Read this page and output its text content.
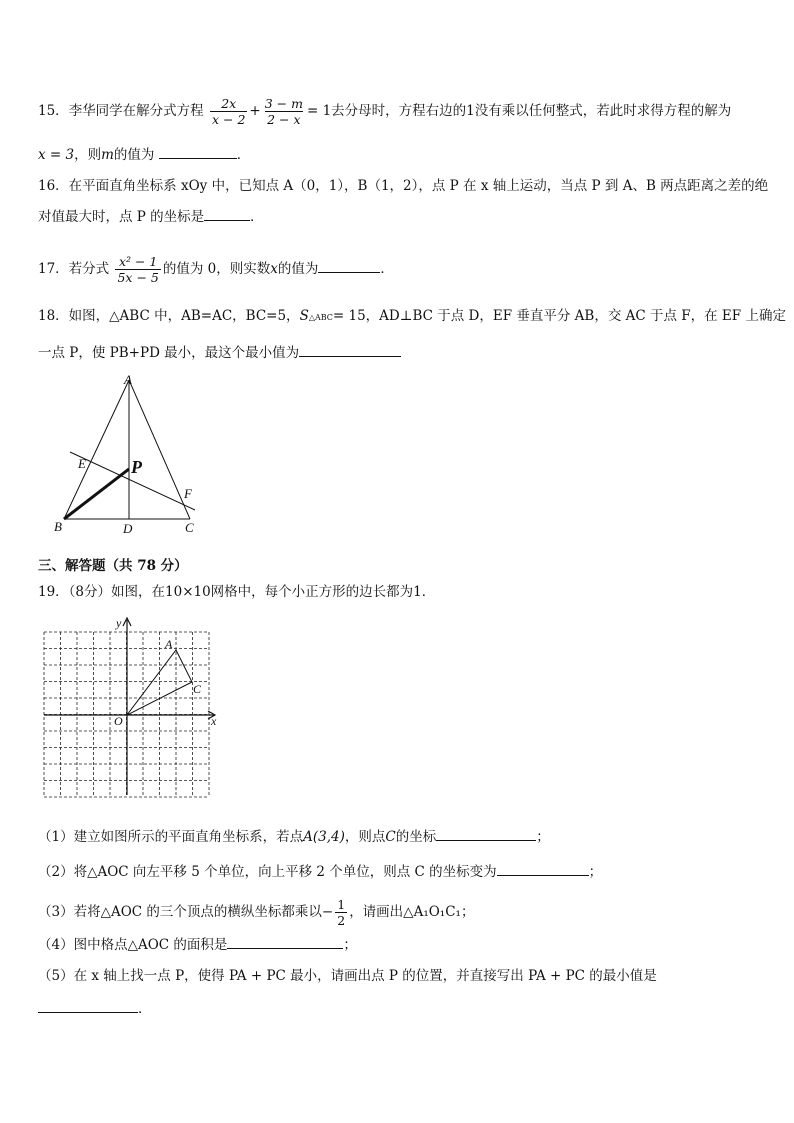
15．李华同学在解分式方程 $\frac{2x}{x - 2} + \frac{3 - m}{2 - x} = 1$去分母时，方程右边的1没有乘以任何整式，若此时求得方程的解为
x = 3，则m的值为	．
16．在平面直角坐标系 xOy 中，已知点 A（0，1），B（1，2），点 P 在 x 轴上运动，当点 P 到 A、B 两点距离之差的绝
对值最大时，点 P 的坐标是	．
17．若分式 $\frac{\text{x² − 1}}{5x - 5}$ 的值为 0，则实数x的值为	．
18．如图，△ABC 中，AB=AC，BC=5，S△ABC= 15，AD⊥BC 于点 D，EF 垂直平分 AB，交 AC 于点 F，在 EF 上确定
一点 P，使 PB+PD 最小，最这个最小值为
A
B	C
D
E
F
P
三、解答题（共 78 分）
19．（8分）如图，在10×10网格中，每个小正方形的边长都为1．
x
y
O
A
C
（1）建立如图所示的平面直角坐标系，若点A(3,4)，则点C的坐标	；
（2）将△AOC 向左平移 5 个单位，向上平移 2 个单位，则点 C 的坐标变为	；
（3）若将△AOC 的三个顶点的横纵坐标都乘以− $\frac{1}{2}$ ，请画出△A₁O₁C₁；
（4）图中格点△AOC 的面积是	；
（5）在 x 轴上找一点 P，使得 PA + PC 最小，请画出点 P 的位置，并直接写出 PA + PC 的最小值是
．
